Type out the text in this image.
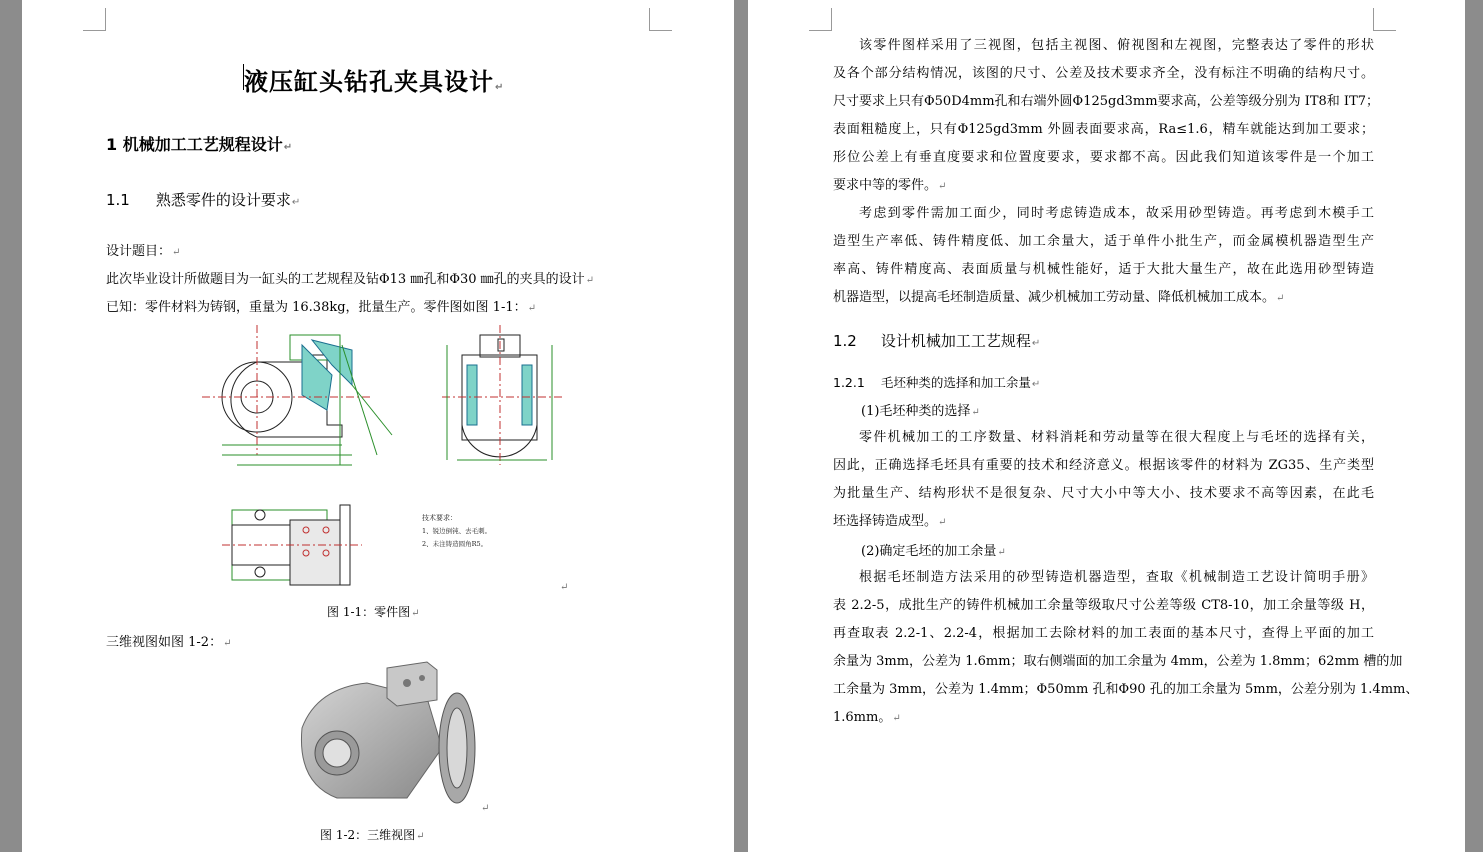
液压缸头钻孔夹具设计↵
1 机械加工工艺规程设计↵
1.1 熟悉零件的设计要求↵
设计题目：↵
此次毕业设计所做题目为一缸头的工艺规程及钻Φ13 ㎜孔和Φ30 ㎜孔的夹具的设计↵
已知：零件材料为铸钢，重量为 16.38kg，批量生产。零件图如图 1-1：↵
技术要求：
1、锐边倒钝、去毛刺。
2、未注铸造圆角R5。
↵
图 1-1：零件图↵
三维视图如图 1-2：↵
↵
图 1-2：三维视图↵
该零件图样采用了三视图，包括主视图、俯视图和左视图，完整表达了零件的形状
及各个部分结构情况，该图的尺寸、公差及技术要求齐全，没有标注不明确的结构尺寸。
尺寸要求上只有Φ50D4mm孔和右端外圆Φ125gd3mm要求高，公差等级分别为 IT8和 IT7；
表面粗糙度上，只有Φ125gd3mm 外圆表面要求高，Ra≤1.6，精车就能达到加工要求；
形位公差上有垂直度要求和位置度要求，要求都不高。因此我们知道该零件是一个加工
要求中等的零件。↵
考虑到零件需加工面少，同时考虑铸造成本，故采用砂型铸造。再考虑到木模手工
造型生产率低、铸件精度低、加工余量大，适于单件小批生产，而金属模机器造型生产
率高、铸件精度高、表面质量与机械性能好，适于大批大量生产，故在此选用砂型铸造
机器造型，以提高毛坯制造质量、减少机械加工劳动量、降低机械加工成本。↵
1.2 设计机械加工工艺规程↵
1.2.1 毛坯种类的选择和加工余量↵
(1)毛坯种类的选择↵
零件机械加工的工序数量、材料消耗和劳动量等在很大程度上与毛坯的选择有关，
因此，正确选择毛坯具有重要的技术和经济意义。根据该零件的材料为 ZG35、生产类型
为批量生产、结构形状不是很复杂、尺寸大小中等大小、技术要求不高等因素，在此毛
坯选择铸造成型。↵
(2)确定毛坯的加工余量↵
根据毛坯制造方法采用的砂型铸造机器造型，查取《机械制造工艺设计简明手册》
表 2.2-5，成批生产的铸件机械加工余量等级取尺寸公差等级 CT8-10，加工余量等级 H，
再查取表 2.2-1、2.2-4，根据加工去除材料的加工表面的基本尺寸，查得上平面的加工
余量为 3mm，公差为 1.6mm；取右侧端面的加工余量为 4mm，公差为 1.8mm；62mm 槽的加
工余量为 3mm，公差为 1.4mm；Φ50mm 孔和Φ90 孔的加工余量为 5mm，公差分别为 1.4mm、
1.6mm。↵
